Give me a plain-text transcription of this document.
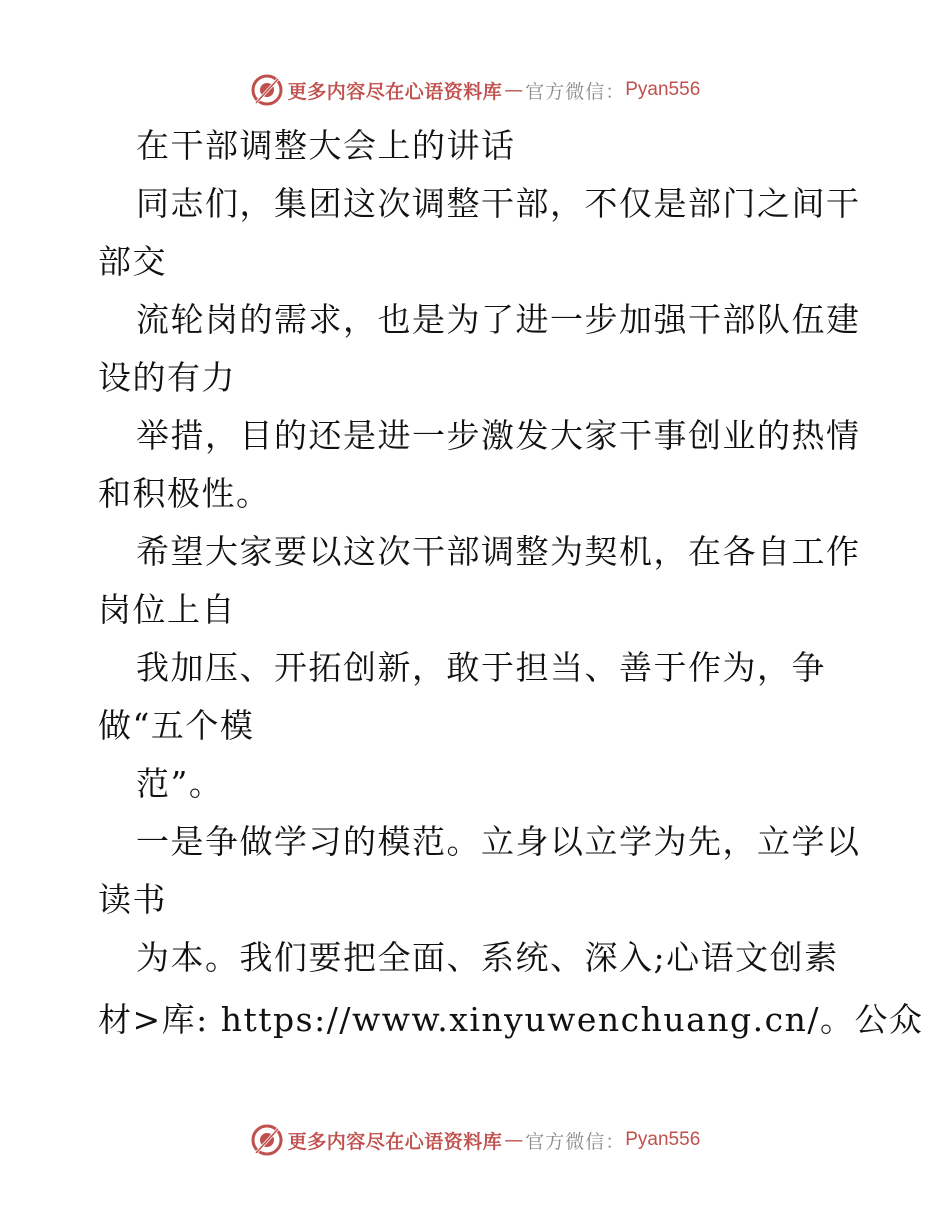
更多内容尽在心语资料库 — 官方微信： Pyan556
在干部调整大会上的讲话
同志们，集团这次调整干部，不仅是部门之间干
部交
流轮岗的需求，也是为了进一步加强干部队伍建
设的有力
举措，目的还是进一步激发大家干事创业的热情
和积极性。
希望大家要以这次干部调整为契机，在各自工作
岗位上自
我加压、开拓创新，敢于担当、善于作为，争
做“五个模
范”。
一是争做学习的模范。立身以立学为先，立学以
读书
为本。我们要把全面、系统、深入;心语文创素
材>库: https://www.xinyuwenchuang.cn/。公众
更多内容尽在心语资料库 — 官方微信： Pyan556
